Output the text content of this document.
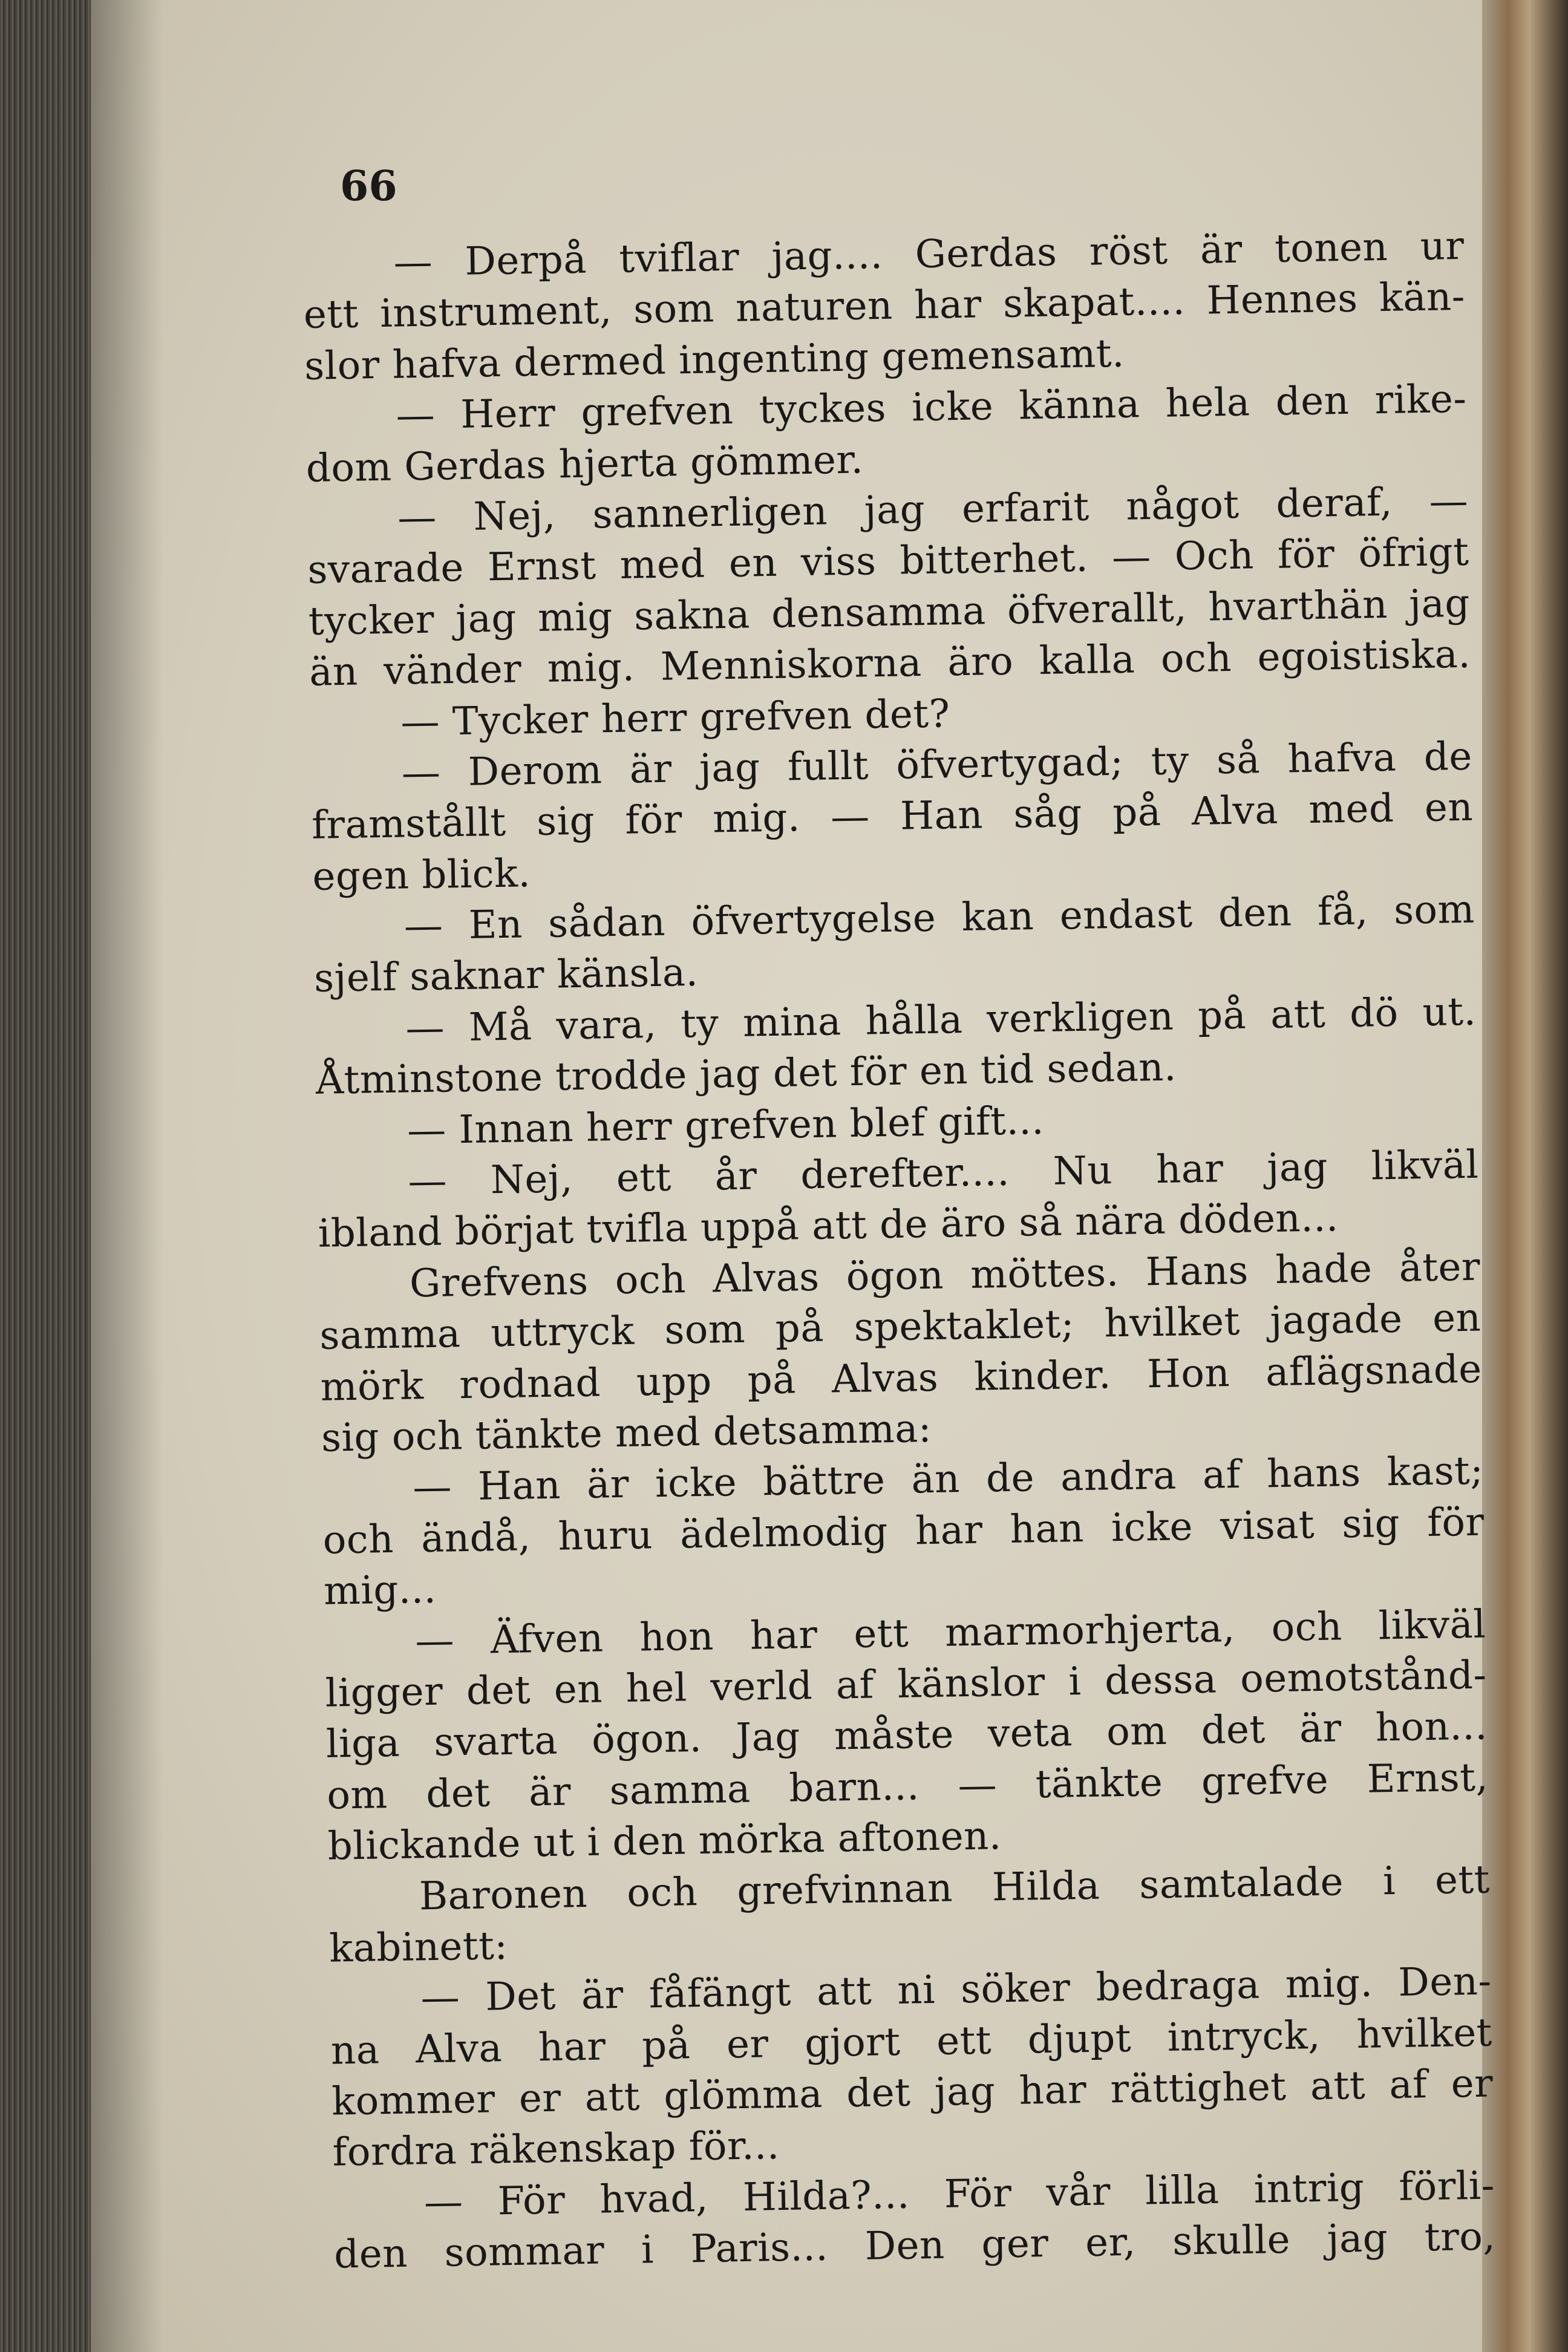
66

— Derpå tviflar jag.... Gerdas röst är tonen ur
ett instrument, som naturen har skapat.... Hennes kän-
slor hafva dermed ingenting gemensamt.
— Herr grefven tyckes icke känna hela den rike-
dom Gerdas hjerta gömmer.
— Nej, sannerligen jag erfarit något deraf, —
svarade Ernst med en viss bitterhet. — Och för öfrigt
tycker jag mig sakna densamma öfverallt, hvarthän jag
än vänder mig. Menniskorna äro kalla och egoistiska.
— Tycker herr grefven det?
— Derom är jag fullt öfvertygad; ty så hafva de
framstållt sig för mig. — Han såg på Alva med en
egen blick.
— En sådan öfvertygelse kan endast den få, som
sjelf saknar känsla.
— Må vara, ty mina hålla verkligen på att dö ut.
Åtminstone trodde jag det för en tid sedan.
— Innan herr grefven blef gift...
— Nej, ett år derefter.... Nu har jag likväl
ibland börjat tvifla uppå att de äro så nära döden...
Grefvens och Alvas ögon möttes. Hans hade åter
samma uttryck som på spektaklet; hvilket jagade en
mörk rodnad upp på Alvas kinder. Hon aflägsnade
sig och tänkte med detsamma:
— Han är icke bättre än de andra af hans kast;
och ändå, huru ädelmodig har han icke visat sig för
mig...
— Äfven hon har ett marmorhjerta, och likväl
ligger det en hel verld af känslor i dessa oemotstånd-
liga svarta ögon. Jag måste veta om det är hon...
om det är samma barn... — tänkte grefve Ernst,
blickande ut i den mörka aftonen.
Baronen och grefvinnan Hilda samtalade i ett
kabinett:
— Det är fåfängt att ni söker bedraga mig. Den-
na Alva har på er gjort ett djupt intryck, hvilket
kommer er att glömma det jag har rättighet att af er
fordra räkenskap för...
— För hvad, Hilda?... För vår lilla intrig förli-
den sommar i Paris... Den ger er, skulle jag tro,
